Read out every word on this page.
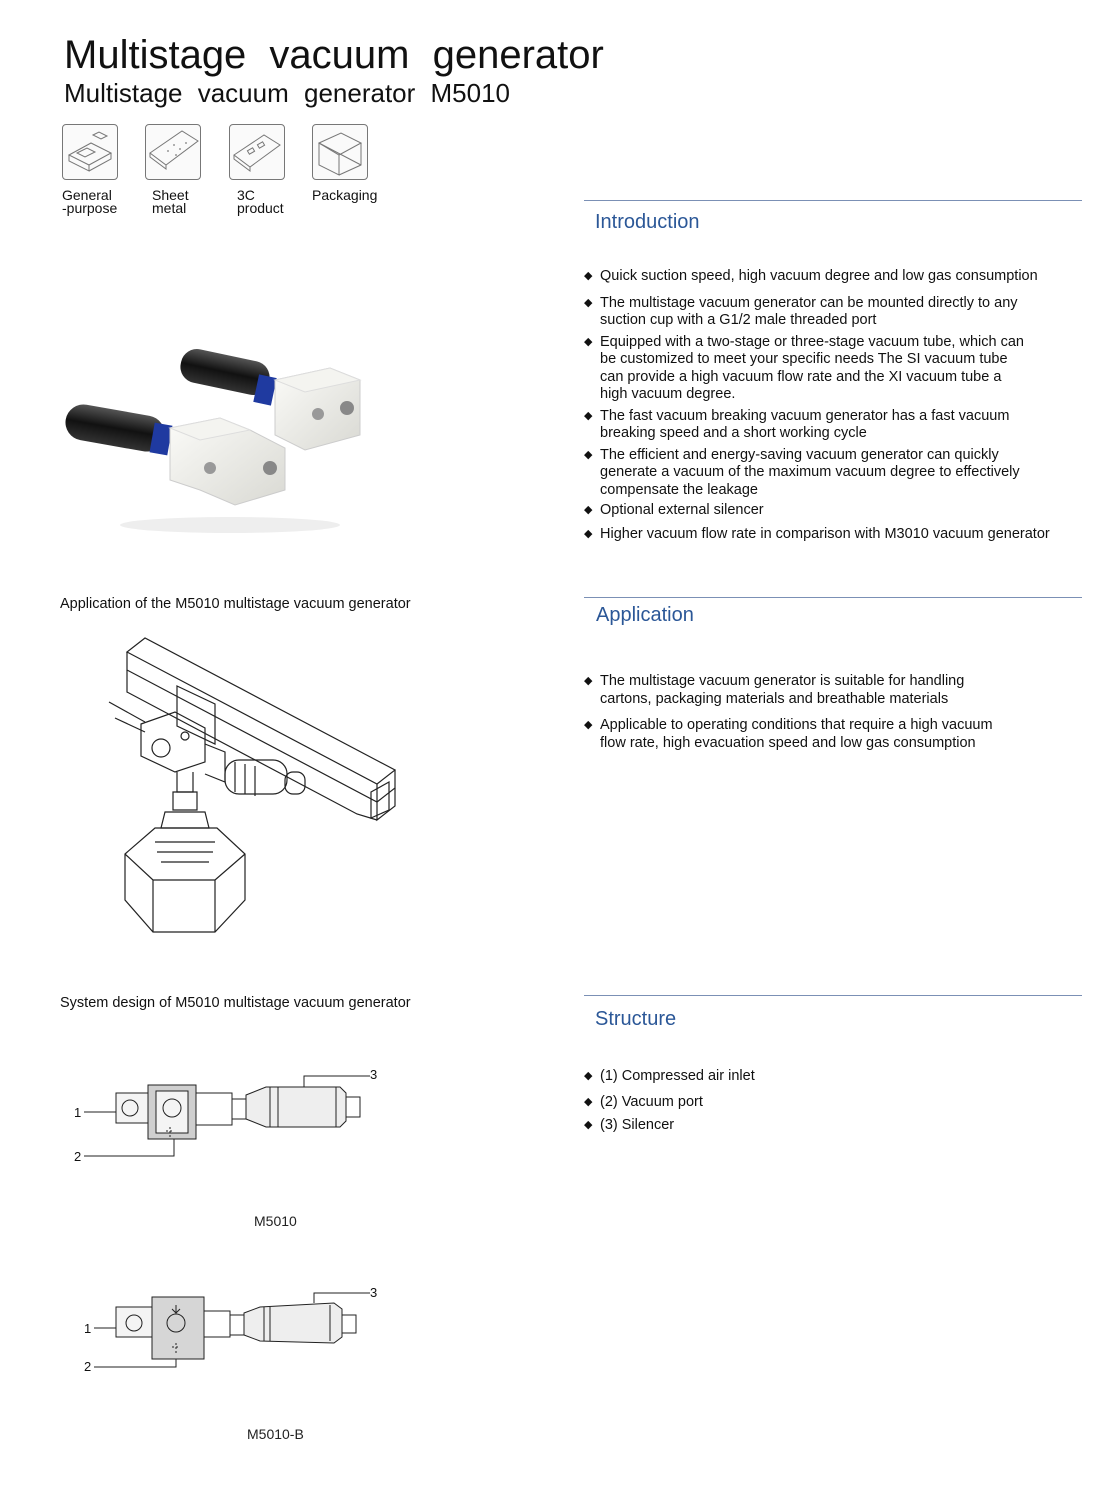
Multistage vacuum generator
Multistage vacuum generator M5010
General
-purpose
Sheet
metal
3C
product
Packaging
Application of the M5010 multistage vacuum generator
System design of M5010 multistage vacuum generator
1
2
3
M5010
1
2
3
M5010-B
Introduction
◆ Quick suction speed, high vacuum degree and low gas consumption
◆ The multistage vacuum generator can be mounted directly to any suction cup with a G1/2 male threaded port
◆ Equipped with a two-stage or three-stage vacuum tube, which can be customized to meet your specific needs The SI vacuum tube can provide a high vacuum flow rate and the XI vacuum tube a high vacuum degree.
◆ The fast vacuum breaking vacuum generator has a fast vacuum breaking speed and a short working cycle
◆ The efficient and energy-saving vacuum generator can quickly generate a vacuum of the maximum vacuum degree to effectively compensate the leakage
◆ Optional external silencer
◆ Higher vacuum flow rate in comparison with M3010 vacuum generator
Application
◆ The multistage vacuum generator is suitable for handling cartons, packaging materials and breathable materials
◆ Applicable to operating conditions that require a high vacuum flow rate, high evacuation speed and low gas consumption
Structure
◆ (1) Compressed air inlet
◆ (2) Vacuum port
◆ (3) Silencer
